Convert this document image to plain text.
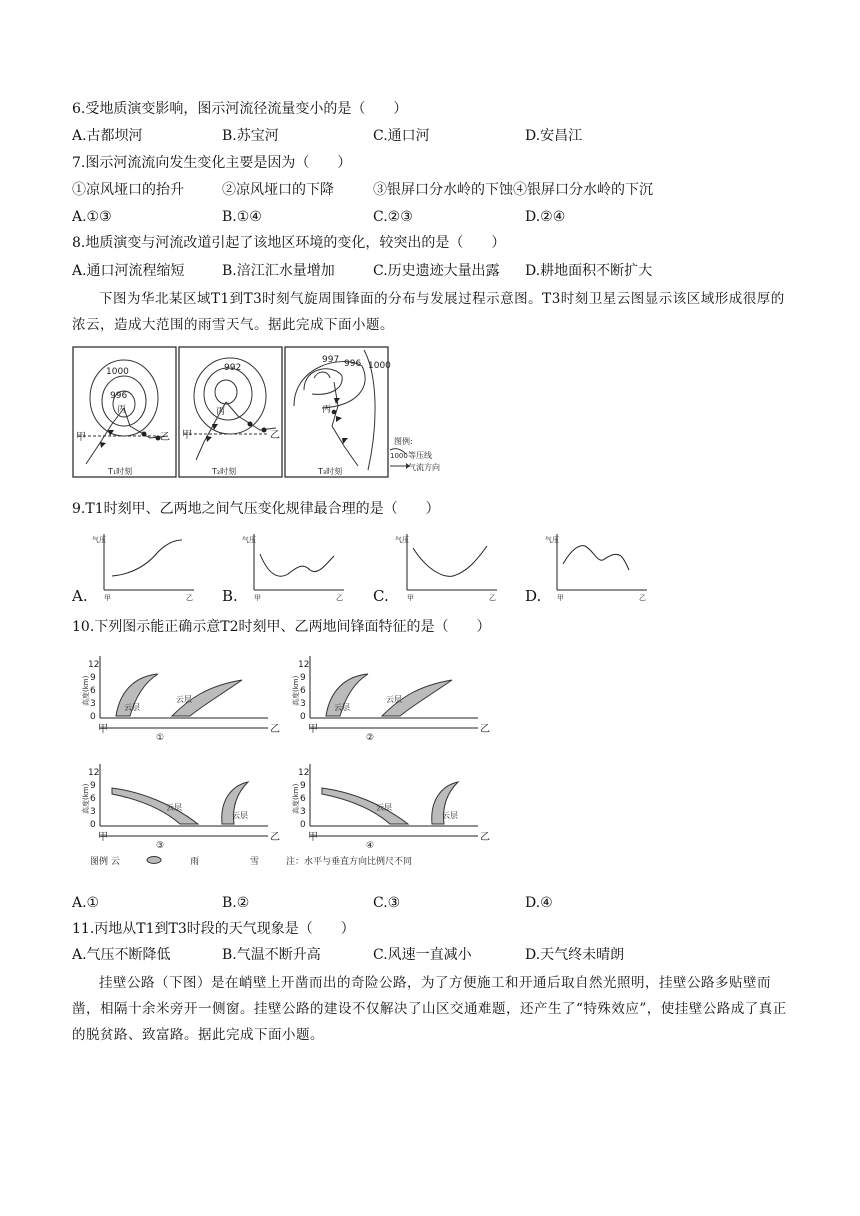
6.受地质演变影响，图示河流径流量变小的是（　　）
A.古都坝河	B.苏宝河	C.通口河	D.安昌江
7.图示河流流向发生变化主要是因为（　　）
①凉风垭口的抬升	②凉风垭口的下降	③银屏口分水岭的下蚀④银屏口分水岭的下沉
A.①③	B.①④	C.②③	D.②④
8.地质演变与河流改道引起了该地区环境的变化，较突出的是（　　）
A.通口河流程缩短	B.涪江汇水量增加	C.历史遗迹大量出露 D.耕地面积不断扩大
下图为华北某区域T1到T3时刻气旋周围锋面的分布与发展过程示意图。T3时刻卫星云图显示该区域形成很厚的浓云，造成大范围的雨雪天气。据此完成下面小题。
1000
996
丙
甲	乙
T₁时刻
992
丙
甲	乙
T₂时刻
997 996 1000
丙
T₃时刻
图例:
1000 等压线
气流方向
9.T1时刻甲、乙两地之间气压变化规律最合理的是（　　）
A.	B.	C.	D.
气压
甲	乙
气压
甲	乙
气压
甲	乙
气压
甲	乙
10.下列图示能正确示意T2时刻甲、乙两地间锋面特征的是（　　）
高度(km)
12
9
6
3
0
云层
云层
甲	乙
①
高度(km)
12
9
6
3
0
云层
云层
甲	乙
②
高度(km)
12
9
6
3
0
云层
云层
甲	乙
③
高度(km)
12
9
6
3
0
云层
云层
甲	乙
④
图例 云	雨	雪	注：水平与垂直方向比例尺不同
A.①	B.②	C.③	D.④
11.丙地从T1到T3时段的天气现象是（　　）
A.气压不断降低	B.气温不断升高	C.风速一直减小	D.天气终未晴朗
挂壁公路（下图）是在峭壁上开凿而出的奇险公路，为了方便施工和开通后取自然光照明，挂壁公路多贴壁而凿，相隔十余米旁开一侧窗。挂壁公路的建设不仅解决了山区交通难题，还产生了“特殊效应”，使挂壁公路成了真正的脱贫路、致富路。据此完成下面小题。
